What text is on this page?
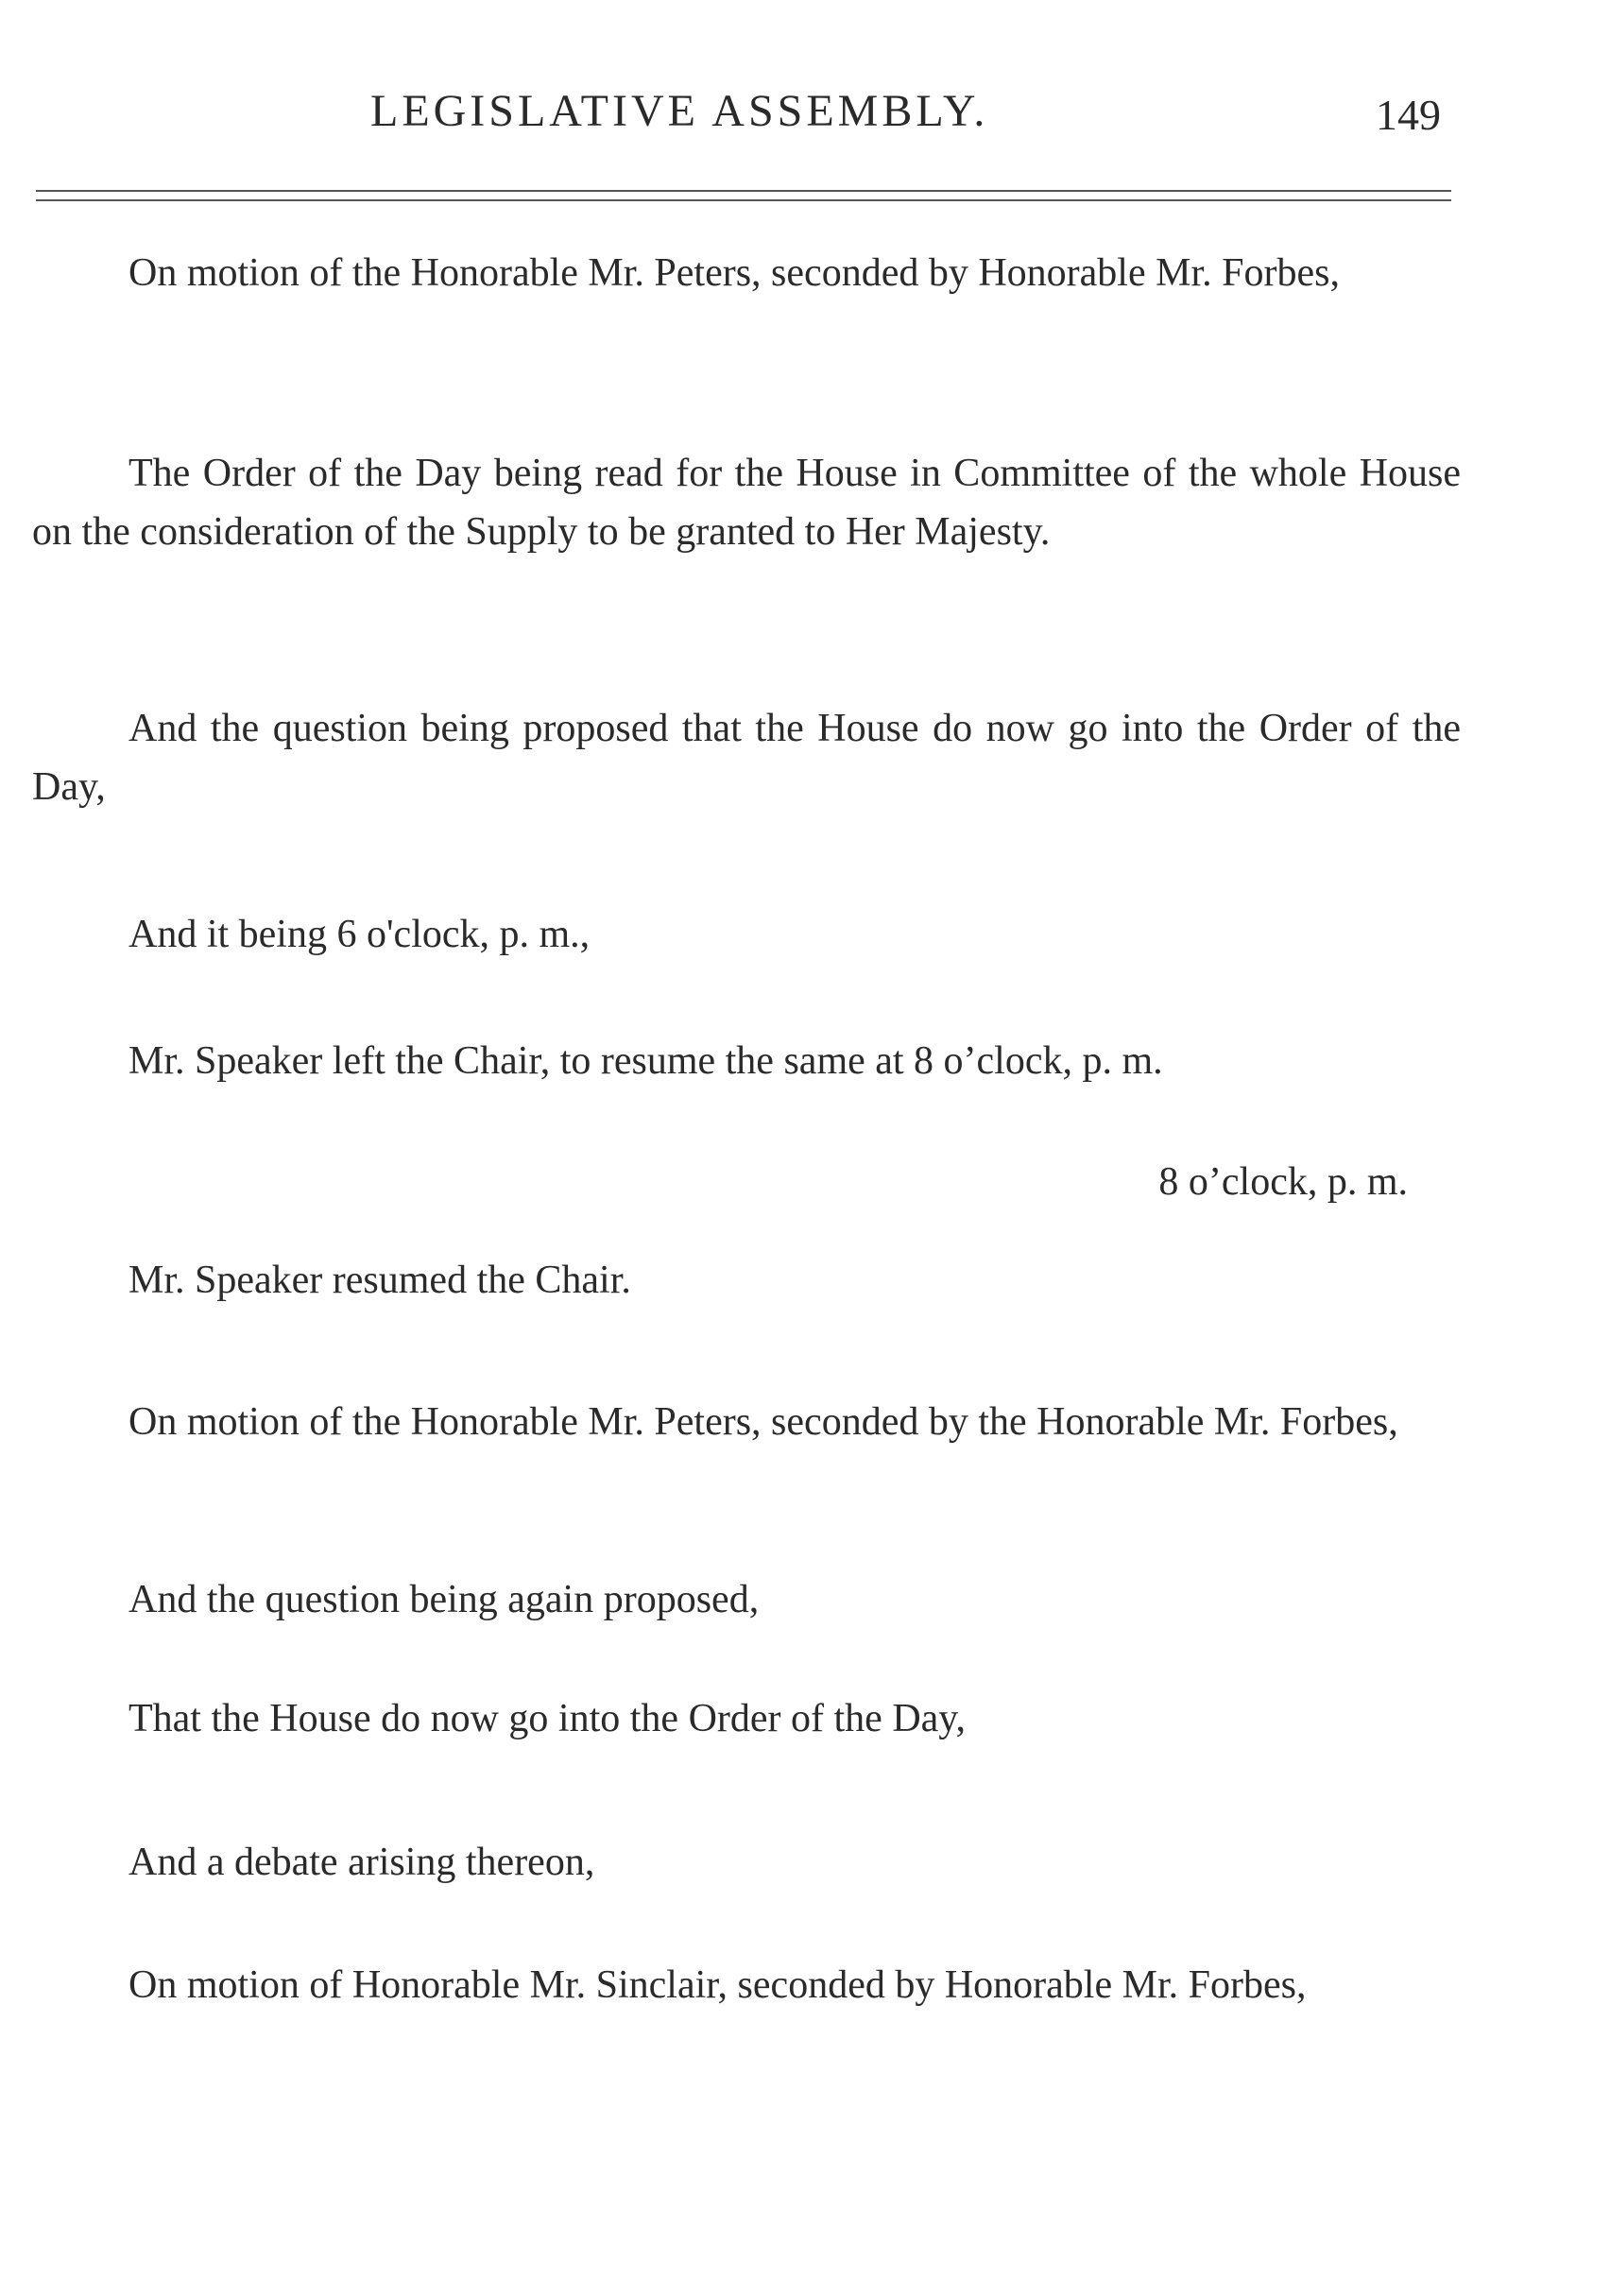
LEGISLATIVE ASSEMBLY.	149

On motion of the Honorable Mr. Peters, seconded by Honorable Mr. Forbes,

The Order of the Day being read for the House in Committee of the whole House on the consideration of the Supply to be granted to Her Majesty.

And the question being proposed that the House do now go into the Order of the Day,

And it being 6 o'clock, p. m.,

Mr. Speaker left the Chair, to resume the same at 8 o’clock, p. m.

8 o’clock, p. m.

Mr. Speaker resumed the Chair.

On motion of the Honorable Mr. Peters, seconded by the Honorable Mr. Forbes,

And the question being again proposed,

That the House do now go into the Order of the Day,

And a debate arising thereon,

On motion of Honorable Mr. Sinclair, seconded by Honorable Mr. Forbes,
